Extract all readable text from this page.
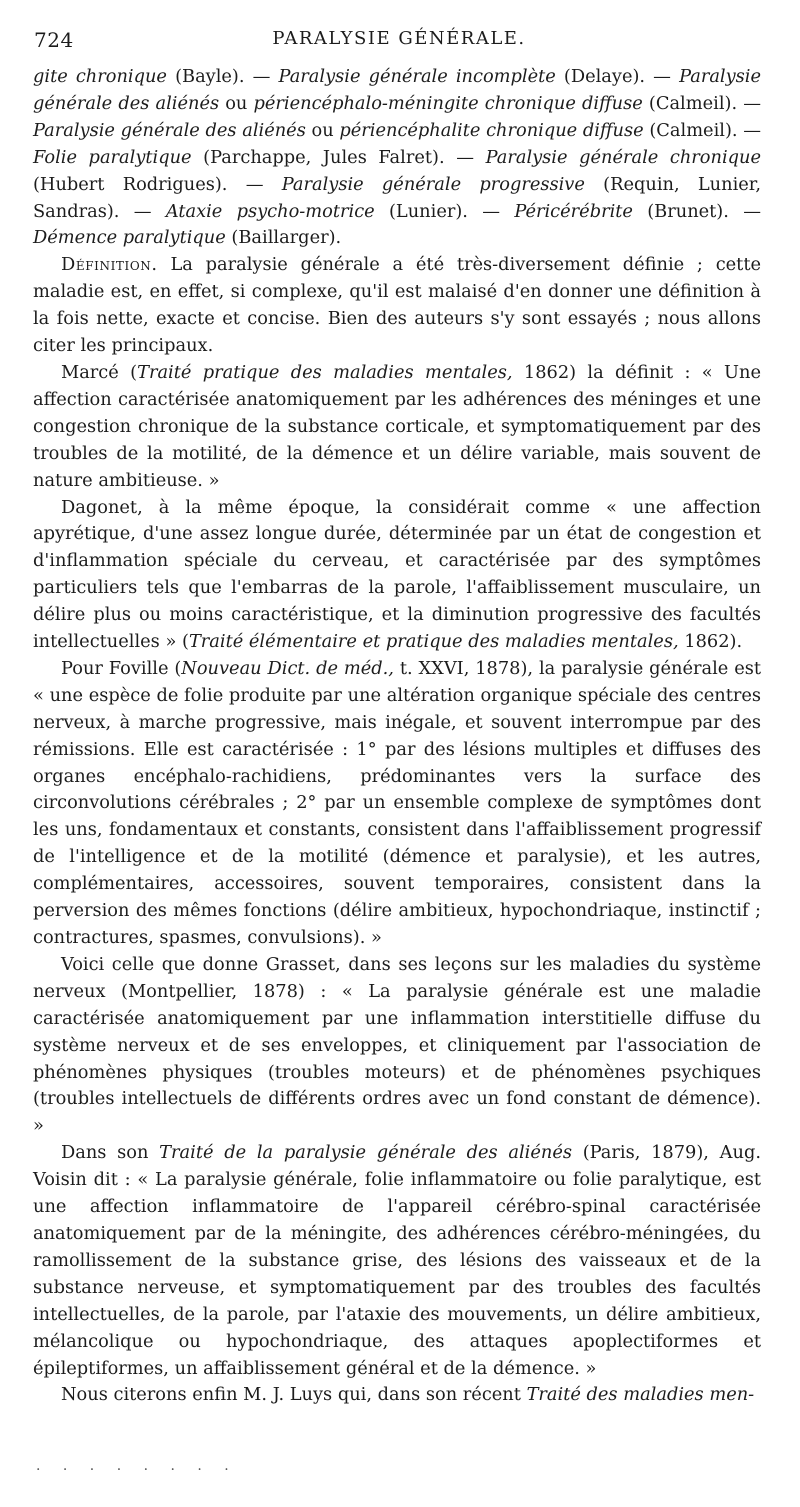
724	PARALYSIE GÉNÉRALE.

gite chronique (Bayle). — Paralysie générale incomplète (Delaye). — Paralysie générale des aliénés ou périencéphalo-méningite chronique diffuse (Calmeil). — Paralysie générale des aliénés ou périencéphalite chronique diffuse (Calmeil). — Folie paralytique (Parchappe, Jules Falret). — Paralysie générale chronique (Hubert Rodrigues). — Paralysie générale progressive (Requin, Lunier, Sandras). — Ataxie psycho-motrice (Lunier). — Péricérébrite (Brunet). — Démence paralytique (Baillarger).

Définition. La paralysie générale a été très-diversement définie ; cette maladie est, en effet, si complexe, qu'il est malaisé d'en donner une définition à la fois nette, exacte et concise. Bien des auteurs s'y sont essayés ; nous allons citer les principaux.

Marcé (Traité pratique des maladies mentales, 1862) la définit : « Une affection caractérisée anatomiquement par les adhérences des méninges et une congestion chronique de la substance corticale, et symptomatiquement par des troubles de la motilité, de la démence et un délire variable, mais souvent de nature ambitieuse. »

Dagonet, à la même époque, la considérait comme « une affection apyrétique, d'une assez longue durée, déterminée par un état de congestion et d'inflammation spéciale du cerveau, et caractérisée par des symptômes particuliers tels que l'embarras de la parole, l'affaiblissement musculaire, un délire plus ou moins caractéristique, et la diminution progressive des facultés intellectuelles » (Traité élémentaire et pratique des maladies mentales, 1862).

Pour Foville (Nouveau Dict. de méd., t. XXVI, 1878), la paralysie générale est « une espèce de folie produite par une altération organique spéciale des centres nerveux, à marche progressive, mais inégale, et souvent interrompue par des rémissions. Elle est caractérisée : 1° par des lésions multiples et diffuses des organes encéphalo-rachidiens, prédominantes vers la surface des circonvolutions cérébrales ; 2° par un ensemble complexe de symptômes dont les uns, fondamentaux et constants, consistent dans l'affaiblissement progressif de l'intelligence et de la motilité (démence et paralysie), et les autres, complémentaires, accessoires, souvent temporaires, consistent dans la perversion des mêmes fonctions (délire ambitieux, hypochondriaque, instinctif ; contractures, spasmes, convulsions). »

Voici celle que donne Grasset, dans ses leçons sur les maladies du système nerveux (Montpellier, 1878) : « La paralysie générale est une maladie caractérisée anatomiquement par une inflammation interstitielle diffuse du système nerveux et de ses enveloppes, et cliniquement par l'association de phénomènes physiques (troubles moteurs) et de phénomènes psychiques (troubles intellectuels de différents ordres avec un fond constant de démence). »

Dans son Traité de la paralysie générale des aliénés (Paris, 1879), Aug. Voisin dit : « La paralysie générale, folie inflammatoire ou folie paralytique, est une affection inflammatoire de l'appareil cérébro-spinal caractérisée anatomiquement par de la méningite, des adhérences cérébro-méningées, du ramollissement de la substance grise, des lésions des vaisseaux et de la substance nerveuse, et symptomatiquement par des troubles des facultés intellectuelles, de la parole, par l'ataxie des mouvements, un délire ambitieux, mélancolique ou hypochondriaque, des attaques apoplectiformes et épileptiformes, un affaiblissement général et de la démence. »

Nous citerons enfin M. J. Luys qui, dans son récent Traité des maladies men-

· · · · · · · ·
